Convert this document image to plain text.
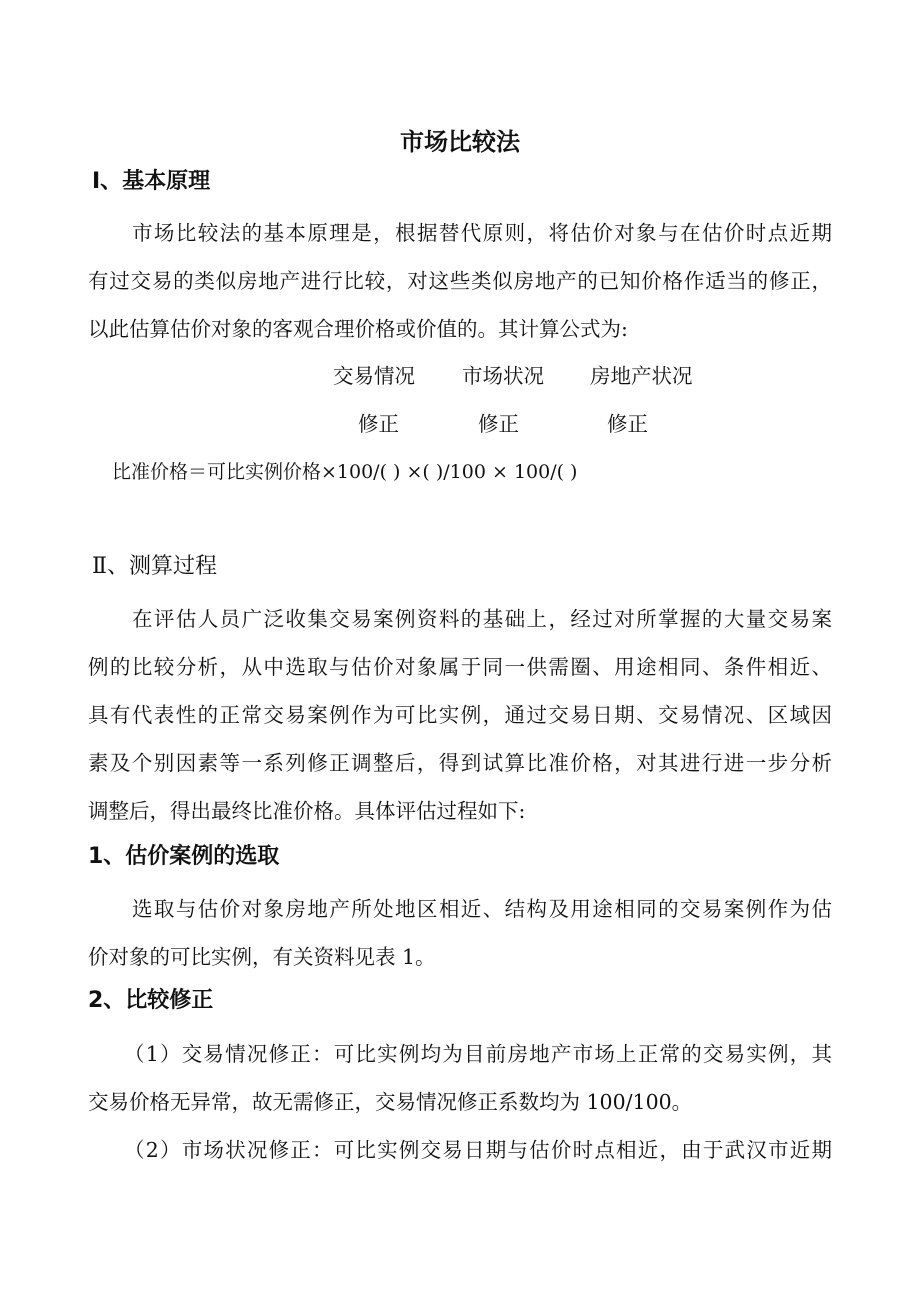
市场比较法
Ⅰ、基本原理
市场比较法的基本原理是，根据替代原则，将估价对象与在估价时点近期
有过交易的类似房地产进行比较，对这些类似房地产的已知价格作适当的修正，
以此估算估价对象的客观合理价格或价值的。其计算公式为:
交易情况 市场状况 房地产状况
修正	修正	修正
比准价格＝可比实例价格×100/( ) ×( )/100 × 100/( )
Ⅱ、测算过程
在评估人员广泛收集交易案例资料的基础上，经过对所掌握的大量交易案
例的比较分析，从中选取与估价对象属于同一供需圈、用途相同、条件相近、
具有代表性的正常交易案例作为可比实例，通过交易日期、交易情况、区域因
素及个别因素等一系列修正调整后，得到试算比准价格，对其进行进一步分析
调整后，得出最终比准价格。具体评估过程如下:
1、估价案例的选取
选取与估价对象房地产所处地区相近、结构及用途相同的交易案例作为估
价对象的可比实例，有关资料见表 1。
2、比较修正
（1）交易情况修正：可比实例均为目前房地产市场上正常的交易实例，其
交易价格无异常，故无需修正，交易情况修正系数均为 100/100。
（2）市场状况修正：可比实例交易日期与估价时点相近，由于武汉市近期
